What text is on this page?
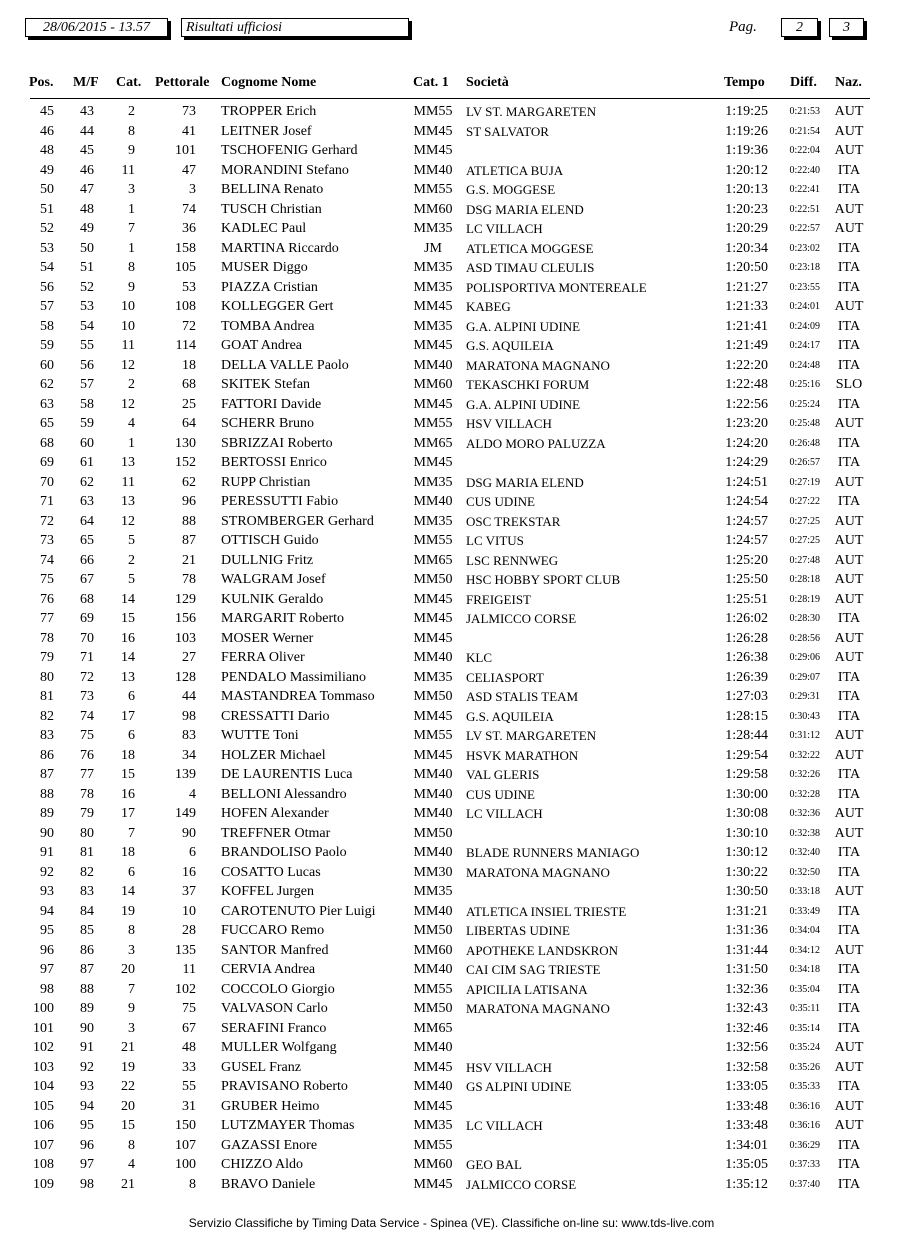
28/06/2015 - 13.57	Risultati ufficiosi	Pag.	2	3
Pos. M/F Cat. Pettorale Cognome Nome	Cat. 1 Società	Tempo Diff. Naz.
45	43	2	73 TROPPER Erich	MM55 LV ST. MARGARETEN	1:19:25	0:21:53 AUT
46	44	8	41 LEITNER Josef	MM45 ST SALVATOR	1:19:26	0:21:54 AUT
48	45	9	101 TSCHOFENIG Gerhard	MM45	1:19:36	0:22:04 AUT
49	46	11	47 MORANDINI Stefano	MM40 ATLETICA BUJA	1:20:12	0:22:40 ITA
50	47	3	3 BELLINA Renato	MM55 G.S. MOGGESE	1:20:13	0:22:41 ITA
51	48	1	74 TUSCH Christian	MM60 DSG MARIA ELEND	1:20:23	0:22:51 AUT
52	49	7	36 KADLEC Paul	MM35 LC VILLACH	1:20:29	0:22:57 AUT
53	50	1	158 MARTINA Riccardo	JM	ATLETICA MOGGESE	1:20:34	0:23:02 ITA
54	51	8	105 MUSER Diggo	MM35 ASD TIMAU CLEULIS	1:20:50	0:23:18 ITA
56	52	9	53 PIAZZA Cristian	MM35 POLISPORTIVA MONTEREALE	1:21:27	0:23:55 ITA
57	53	10	108 KOLLEGGER Gert	MM45 KABEG	1:21:33	0:24:01 AUT
58	54	10	72 TOMBA Andrea	MM35 G.A. ALPINI UDINE	1:21:41	0:24:09 ITA
59	55	11	114 GOAT Andrea	MM45 G.S. AQUILEIA	1:21:49	0:24:17 ITA
60	56	12	18 DELLA VALLE Paolo	MM40 MARATONA MAGNANO	1:22:20	0:24:48 ITA
62	57	2	68 SKITEK Stefan	MM60 TEKASCHKI FORUM	1:22:48	0:25:16 SLO
63	58	12	25 FATTORI Davide	MM45 G.A. ALPINI UDINE	1:22:56	0:25:24 ITA
65	59	4	64 SCHERR Bruno	MM55 HSV VILLACH	1:23:20	0:25:48 AUT
68	60	1	130 SBRIZZAI Roberto	MM65 ALDO MORO PALUZZA	1:24:20	0:26:48 ITA
69	61	13	152 BERTOSSI Enrico	MM45	1:24:29	0:26:57 ITA
70	62	11	62 RUPP Christian	MM35 DSG MARIA ELEND	1:24:51	0:27:19 AUT
71	63	13	96 PERESSUTTI Fabio	MM40 CUS UDINE	1:24:54	0:27:22 ITA
72	64	12	88 STROMBERGER Gerhard	MM35 OSC TREKSTAR	1:24:57	0:27:25 AUT
73	65	5	87 OTTISCH Guido	MM55 LC VITUS	1:24:57	0:27:25 AUT
74	66	2	21 DULLNIG Fritz	MM65 LSC RENNWEG	1:25:20	0:27:48 AUT
75	67	5	78 WALGRAM Josef	MM50 HSC HOBBY SPORT CLUB	1:25:50	0:28:18 AUT
76	68	14	129 KULNIK Geraldo	MM45 FREIGEIST	1:25:51	0:28:19 AUT
77	69	15	156 MARGARIT Roberto	MM45 JALMICCO CORSE	1:26:02	0:28:30 ITA
78	70	16	103 MOSER Werner	MM45	1:26:28	0:28:56 AUT
79	71	14	27 FERRA Oliver	MM40 KLC	1:26:38	0:29:06 AUT
80	72	13	128 PENDALO Massimiliano	MM35 CELIASPORT	1:26:39	0:29:07 ITA
81	73	6	44 MASTANDREA Tommaso	MM50 ASD STALIS TEAM	1:27:03	0:29:31 ITA
82	74	17	98 CRESSATTI Dario	MM45 G.S. AQUILEIA	1:28:15	0:30:43 ITA
83	75	6	83 WUTTE Toni	MM55 LV ST. MARGARETEN	1:28:44	0:31:12 AUT
86	76	18	34 HOLZER Michael	MM45 HSVK MARATHON	1:29:54	0:32:22 AUT
87	77	15	139 DE LAURENTIS Luca	MM40 VAL GLERIS	1:29:58	0:32:26 ITA
88	78	16	4 BELLONI Alessandro	MM40 CUS UDINE	1:30:00	0:32:28 ITA
89	79	17	149 HOFEN Alexander	MM40 LC VILLACH	1:30:08	0:32:36 AUT
90	80	7	90 TREFFNER Otmar	MM50	1:30:10	0:32:38 AUT
91	81	18	6 BRANDOLISO Paolo	MM40 BLADE RUNNERS MANIAGO	1:30:12	0:32:40 ITA
92	82	6	16 COSATTO Lucas	MM30 MARATONA MAGNANO	1:30:22	0:32:50 ITA
93	83	14	37 KOFFEL Jurgen	MM35	1:30:50	0:33:18 AUT
94	84	19	10 CAROTENUTO Pier Luigi	MM40 ATLETICA INSIEL TRIESTE	1:31:21	0:33:49 ITA
95	85	8	28 FUCCARO Remo	MM50 LIBERTAS UDINE	1:31:36	0:34:04 ITA
96	86	3	135 SANTOR Manfred	MM60 APOTHEKE LANDSKRON	1:31:44	0:34:12 AUT
97	87	20	11 CERVIA Andrea	MM40 CAI CIM SAG TRIESTE	1:31:50	0:34:18 ITA
98	88	7	102 COCCOLO Giorgio	MM55 APICILIA LATISANA	1:32:36	0:35:04 ITA
100	89	9	75 VALVASON Carlo	MM50 MARATONA MAGNANO	1:32:43	0:35:11 ITA
101	90	3	67 SERAFINI Franco	MM65	1:32:46	0:35:14 ITA
102	91	21	48 MULLER Wolfgang	MM40	1:32:56	0:35:24 AUT
103	92	19	33 GUSEL Franz	MM45 HSV VILLACH	1:32:58	0:35:26 AUT
104	93	22	55 PRAVISANO Roberto	MM40 GS ALPINI UDINE	1:33:05	0:35:33 ITA
105	94	20	31 GRUBER Heimo	MM45	1:33:48	0:36:16 AUT
106	95	15	150 LUTZMAYER Thomas	MM35 LC VILLACH	1:33:48	0:36:16 AUT
107	96	8	107 GAZASSI Enore	MM55	1:34:01	0:36:29 ITA
108	97	4	100 CHIZZO Aldo	MM60 GEO BAL	1:35:05	0:37:33 ITA
109	98	21	8 BRAVO Daniele	MM45 JALMICCO CORSE	1:35:12	0:37:40 ITA
Servizio Classifiche by Timing Data Service - Spinea (VE). Classifiche on-line su: www.tds-live.com
